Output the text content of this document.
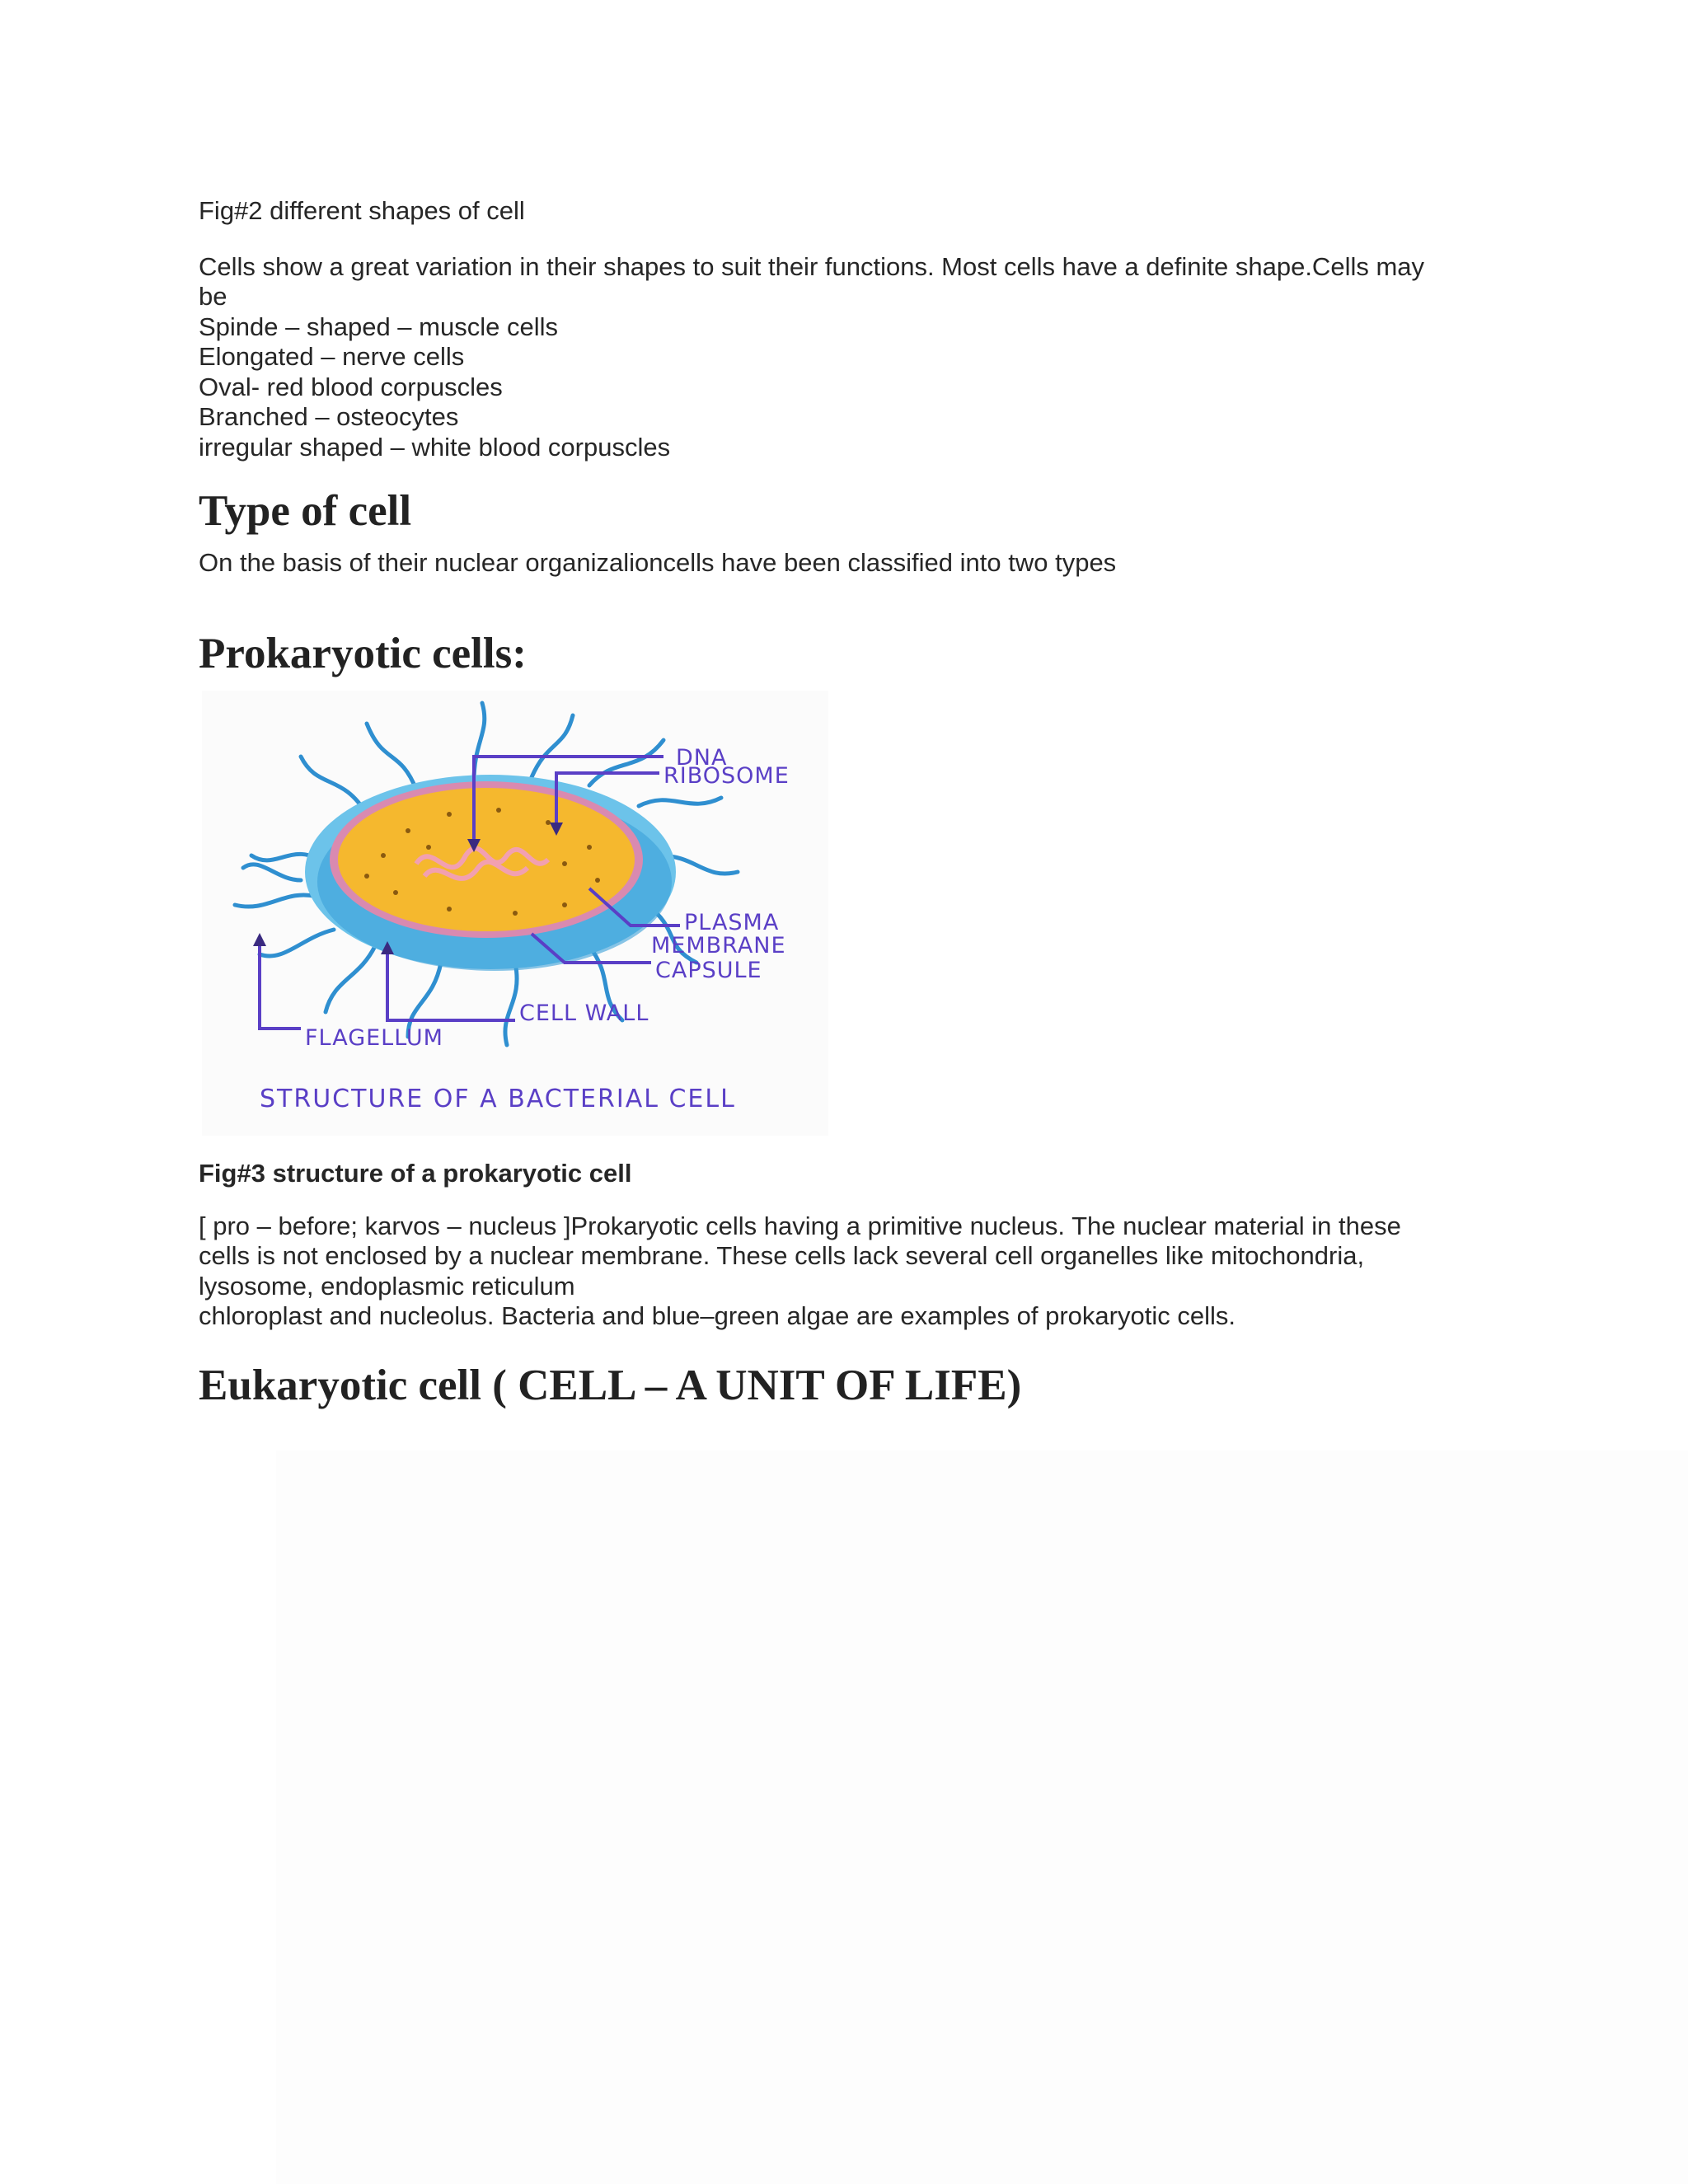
Fig#2 different shapes of cell

Cells show a great variation in their shapes to suit their functions. Most cells have a definite shape.Cells may

be

Spinde – shaped – muscle cells

Elongated – nerve cells

Oval- red blood corpuscles

Branched – osteocytes

irregular shaped – white blood corpuscles

Type of cell

On the basis of their nuclear organizalioncells have been classified into two types

Prokaryotic cells:
DNA
RIBOSOME
PLASMA
MEMBRANE
CAPSULE
CELL WALL
FLAGELLUM
STRUCTURE OF A BACTERIAL CELL

Fig#3 structure of a prokaryotic cell

[ pro – before; karvos – nucleus ]Prokaryotic cells having a primitive nucleus. The nuclear material in these

cells is not enclosed by a nuclear membrane. These cells lack several cell organelles like mitochondria,

lysosome, endoplasmic reticulum

chloroplast and nucleolus. Bacteria and blue–green algae are examples of prokaryotic cells.

Eukaryotic cell ( CELL – A UNIT OF LIFE)
